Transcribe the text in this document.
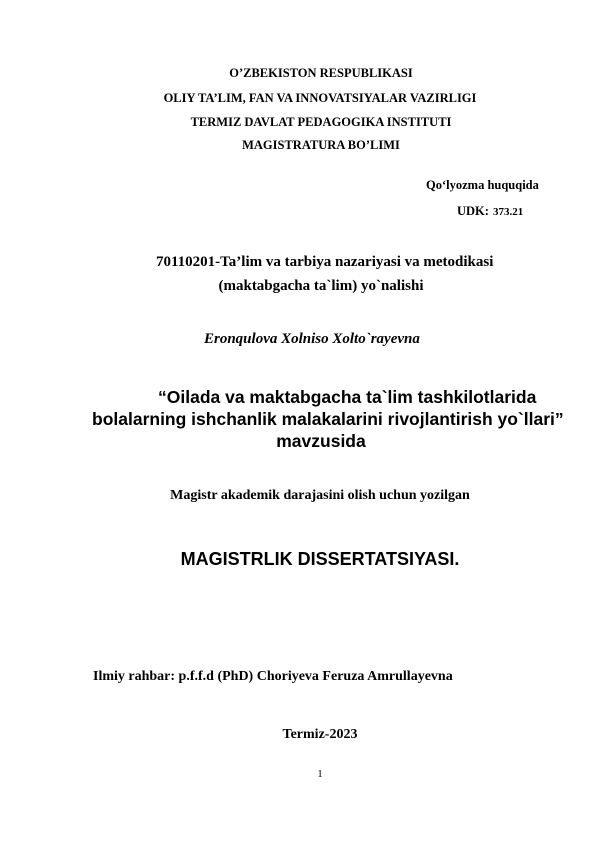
O’ZBEKISTON RESPUBLIKASI
OLIY TA’LIM, FAN VA INNOVATSIYALAR VAZIRLIGI
TERMIZ DAVLAT PEDAGOGIKA INSTITUTI
MAGISTRATURA BO’LIMI
Qo‘lyozma huquqida
UDK: 373.21
70110201-Ta’lim va tarbiya nazariyasi va metodikasi
(maktabgacha ta`lim) yo`nalishi
Eronqulova Xolniso Xolto`rayevna
“Oilada va maktabgacha ta`lim tashkilotlarida
bolalarning ishchanlik malakalarini rivojlantirish yo`llari”
mavzusida
Magistr akademik darajasini olish uchun yozilgan
MAGISTRLIK DISSERTATSIYASI.
Ilmiy rahbar: p.f.f.d (PhD) Choriyeva Feruza Amrullayevna
Termiz-2023
1
